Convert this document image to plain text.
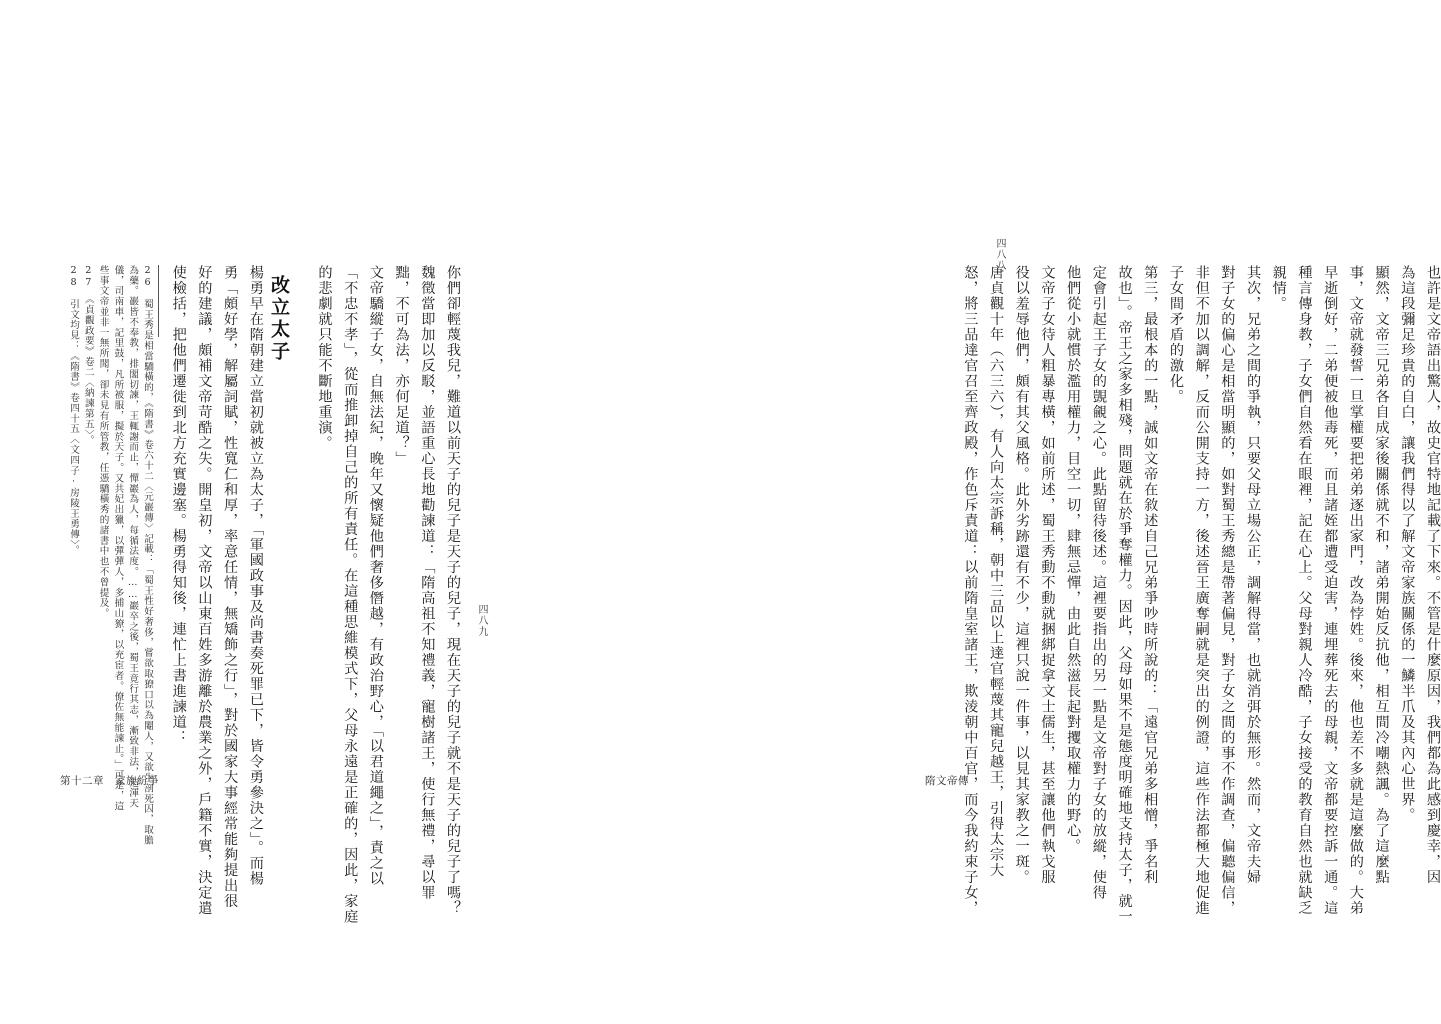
也許是文帝語出驚人，故史官特地記載了下來。不管是什麼原因，我們都為此感到慶幸，因
為這段彌足珍貴的自白，讓我們得以了解文帝家族關係的一鱗半爪及其內心世界。
顯然，文帝三兄弟各自成家後關係就不和，諸弟開始反抗他，相互間冷嘲熱諷。為了這麼點
事，文帝就發誓一旦掌權要把弟弟逐出家門，改為悖姓。後來，他也差不多就是這麼做的。大弟
早逝倒好，二弟便被他毒死，而且諸姪都遭受迫害，連埋葬死去的母親，文帝都要控訴一通。這
種言傳身教，子女們自然看在眼裡，記在心上。父母對親人冷酷，子女接受的教育自然也就缺乏
親情。
其次，兄弟之間的爭執，只要父母立場公正，調解得當，也就消弭於無形。然而，文帝夫婦
對子女的偏心是相當明顯的，如對蜀王秀總是帶著偏見，對子女之間的事不作調查，偏聽偏信，
非但不加以調解，反而公開支持一方，後述晉王廣奪嗣就是突出的例證，這些作法都極大地促進
子女間矛盾的激化。
第三，最根本的一點，誠如文帝在敘述自己兄弟爭吵時所說的：「遠官兄弟多相憎，爭名利
故也」。帝王之家多相殘，問題就在於爭奪權力。因此，父母如果不是態度明確地支持太子，就一
定會引起王子女的覬覦之心。此點留待後述。這裡要指出的另一點是文帝對子女的放縱，使得
他們從小就慣於濫用權力，目空一切，肆無忌憚，由此自然滋長起對攫取權力的野心。
文帝子女待人粗暴專橫，如前所述，蜀王秀動不動就捆綁捉拿文士儒生，甚至讓他們執戈服
役以羞辱他們，頗有其父風格。此外劣跡還有不少，這裡只說一件事，以見其家教之一斑。
唐貞觀十年（六三六），有人向太宗訴稱，朝中三品以上達官輕蔑其寵兒越王，引得太宗大
怒，將三品達官召至齊政殿，作色斥責道：以前隋皇室諸王，欺淩朝中百官，而今我約束子女，
四八八
隋文帝傳
你們卻輕蔑我兒，難道以前天子的兒子是天子的兒子，現在天子的兒子就不是天子的兒子了嗎？
魏徵當即加以反駁，並語重心長地勸諫道：「隋高祖不知禮義，寵樹諸王，使行無禮，尋以罪
黜，不可為法，亦何足道？」
文帝驕縱子女，自無法紀，晚年又懷疑他們奢侈僭越，有政治野心，「以君道繩之」，責之以
「不忠不孝」，從而推卸掉自己的所有責任。在這種思維模式下，父母永遠是正確的，因此，家庭
的悲劇就只能不斷地重演。
楊勇早在隋朝建立當初就被立為太子，「軍國政事及尚書奏死罪已下，皆令勇參決之」。而楊
勇「頗好學，解屬詞賦，性寬仁和厚，率意任情，無矯飾之行」，對於國家大事經常能夠提出很
好的建議，頗補文帝苛酷之失。開皇初，文帝以山東百姓多游離於農業之外，戶籍不實，決定遣
使檢括，把他們遷徙到北方充實邊塞。楊勇得知後，連忙上書進諫道：	改立太子
26　蜀王秀是相當驕橫的，《隋書》卷六十二〈元巖傳〉記載：「蜀王性好奢侈，嘗欲取獠口以為閹人，又欲生剖死囚，取膽
為藥。巖皆不奉教，排閣切諫，王輒謝而止，憚巖為人，每循法度。……巖卒之後，蜀王竟行其志，漸致非法，造渾天
儀，司南車，記里鼓，凡所被服，擬於天子。又共妃出獵，以彈彈人，多捕山獠，以充宦者。僚佐無能諫止。」可是，這
些事文帝並非一無所聞，卻未見有所管教，任憑驕橫秀的諸書中也不曾提及。
27　《貞觀政要》卷二〈納諫第五〉。
28　引文均見：《隋書》卷四十五〈文四子·房陵王勇傳〉。
四八九
第十二章　家族紛爭
